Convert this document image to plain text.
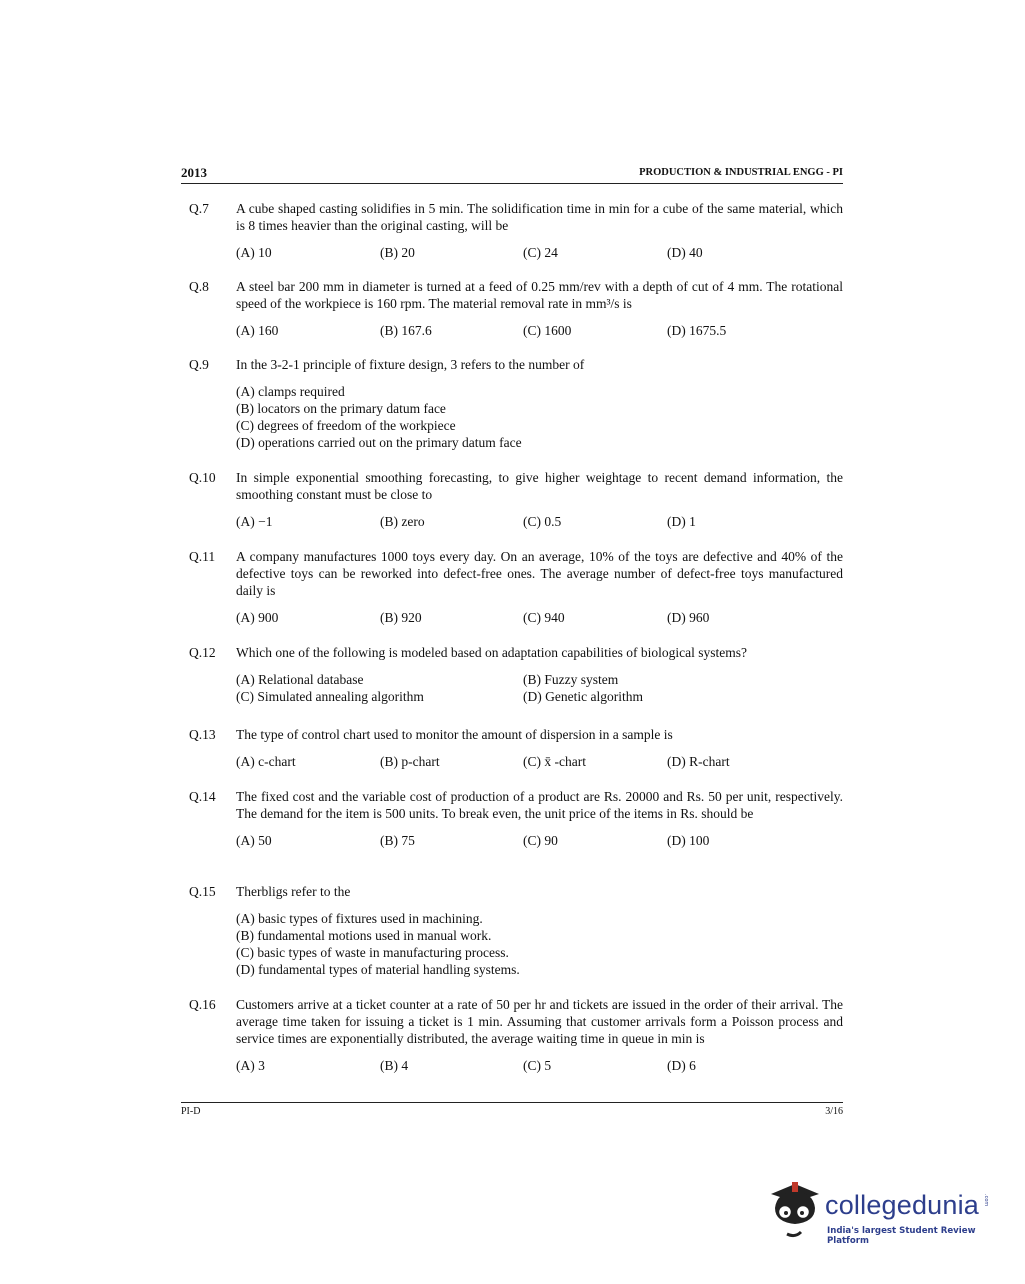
2013	PRODUCTION & INDUSTRIAL ENGG - PI
Q.7 A cube shaped casting solidifies in 5 min. The solidification time in min for a cube of the same material, which is 8 times heavier than the original casting, will be
(A) 10	(B) 20	(C) 24	(D) 40
Q.8 A steel bar 200 mm in diameter is turned at a feed of 0.25 mm/rev with a depth of cut of 4 mm. The rotational speed of the workpiece is 160 rpm. The material removal rate in mm³/s is
(A) 160	(B) 167.6	(C) 1600	(D) 1675.5
Q.9 In the 3-2-1 principle of fixture design, 3 refers to the number of
(A) clamps required
(B) locators on the primary datum face
(C) degrees of freedom of the workpiece
(D) operations carried out on the primary datum face
Q.10 In simple exponential smoothing forecasting, to give higher weightage to recent demand information, the smoothing constant must be close to
(A) −1	(B) zero	(C) 0.5	(D) 1
Q.11 A company manufactures 1000 toys every day. On an average, 10% of the toys are defective and 40% of the defective toys can be reworked into defect-free ones. The average number of defect-free toys manufactured daily is
(A) 900	(B) 920	(C) 940	(D) 960
Q.12 Which one of the following is modeled based on adaptation capabilities of biological systems?
(A) Relational database	(B) Fuzzy system
(C) Simulated annealing algorithm	(D) Genetic algorithm
Q.13 The type of control chart used to monitor the amount of dispersion in a sample is
(A) c-chart	(B) p-chart	(C) x̄ -chart	(D) R-chart
Q.14 The fixed cost and the variable cost of production of a product are Rs. 20000 and Rs. 50 per unit, respectively. The demand for the item is 500 units. To break even, the unit price of the items in Rs. should be
(A) 50	(B) 75	(C) 90	(D) 100
Q.15 Therbligs refer to the
(A) basic types of fixtures used in machining.
(B) fundamental motions used in manual work.
(C) basic types of waste in manufacturing process.
(D) fundamental types of material handling systems.
Q.16 Customers arrive at a ticket counter at a rate of 50 per hr and tickets are issued in the order of their arrival. The average time taken for issuing a ticket is 1 min. Assuming that customer arrivals form a Poisson process and service times are exponentially distributed, the average waiting time in queue in min is
(A) 3	(B) 4	(C) 5	(D) 6
PI-D	3/16
collegedunia .com
India's largest Student Review Platform
